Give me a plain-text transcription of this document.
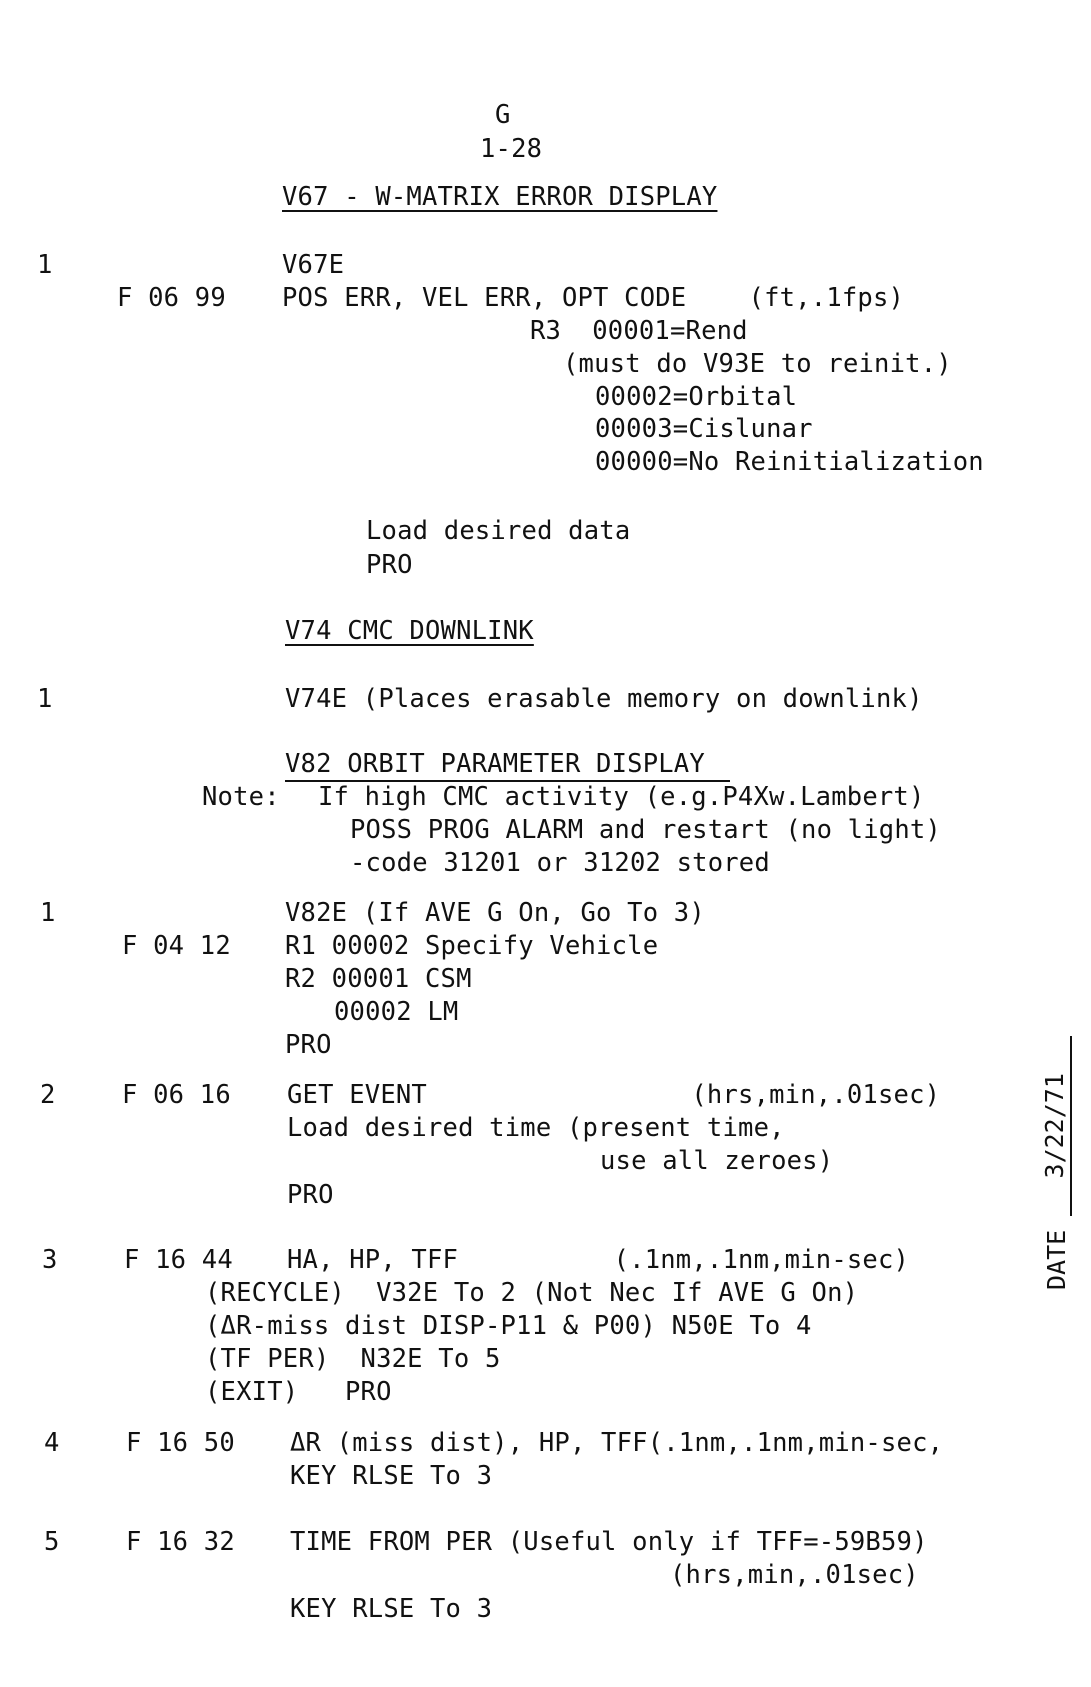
G
1-28
V67 - W-MATRIX ERROR DISPLAY
1	V67E
F 06 99 POS ERR, VEL ERR, OPT CODE    (ft,.1fps)
R3  00001=Rend
(must do V93E to reinit.)
00002=Orbital
00003=Cislunar
00000=No Reinitialization
Load desired data
PRO
V74 CMC DOWNLINK
1	V74E (Places erasable memory on downlink)
V82 ORBIT PARAMETER DISPLAY
Note: If high CMC activity (e.g.P4Xw.Lambert)
POSS PROG ALARM and restart (no light)
-code 31201 or 31202 stored
1	V82E (If AVE G On, Go To 3)
F 04 12 R1 00002 Specify Vehicle
R2 00001 CSM
00002 LM
PRO
2	F 06 16 GET EVENT                 (hrs,min,.01sec)
Load desired time (present time,
use all zeroes)
PRO
3	F 16 44 HA, HP, TFF          (.1nm,.1nm,min-sec)
(RECYCLE)  V32E To 2 (Not Nec If AVE G On)
(ΔR-miss dist DISP-P11 & P00) N50E To 4
(TF PER)  N32E To 5
(EXIT)   PRO
4	F 16 50 ΔR (miss dist), HP, TFF(.1nm,.1nm,min-sec,
KEY RLSE To 3
5	F 16 32 TIME FROM PER (Useful only if TFF=-59B59)
(hrs,min,.01sec)
KEY RLSE To 3
DATE
3/22/71
